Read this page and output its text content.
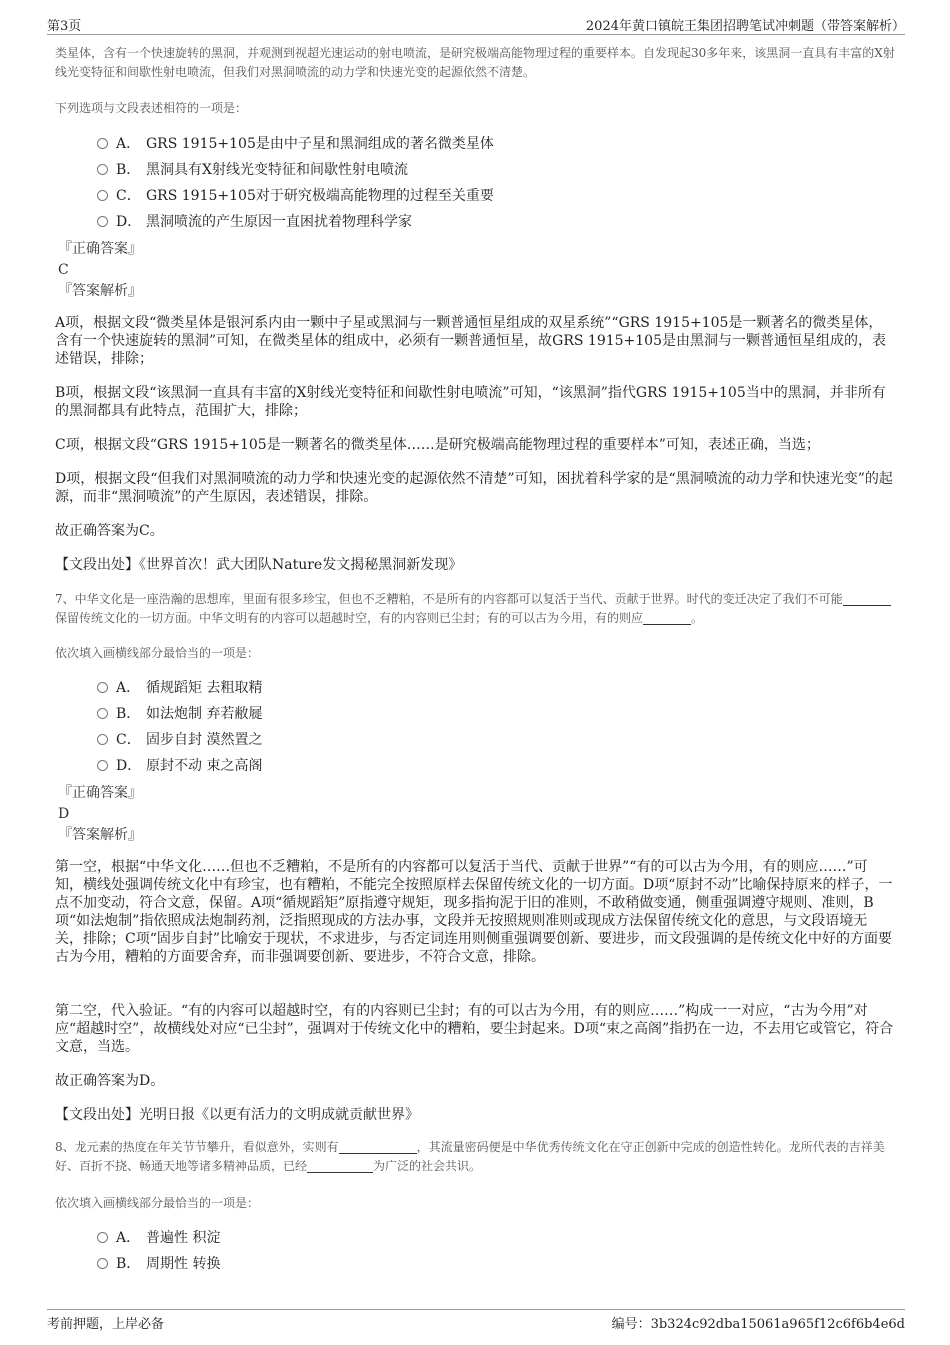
第3页	2024年黄口镇皖王集团招聘笔试冲刺题（带答案解析）
类星体，含有一个快速旋转的黑洞，并观测到视超光速运动的射电喷流，是研究极端高能物理过程的重要样本。自发现起30多年来，该黑洞一直具有丰富的X射线光变特征和间歇性射电喷流，但我们对黑洞喷流的动力学和快速光变的起源依然不清楚。
下列选项与文段表述相符的一项是：
A． GRS 1915+105是由中子星和黑洞组成的著名微类星体
B． 黑洞具有X射线光变特征和间歇性射电喷流
C． GRS 1915+105对于研究极端高能物理的过程至关重要
D． 黑洞喷流的产生原因一直困扰着物理科学家
『正确答案』
C
『答案解析』
A项，根据文段“微类星体是银河系内由一颗中子星或黑洞与一颗普通恒星组成的双星系统”“GRS 1915+105是一颗著名的微类星体，含有一个快速旋转的黑洞”可知，在微类星体的组成中，必须有一颗普通恒星，故GRS 1915+105是由黑洞与一颗普通恒星组成的，表述错误，排除；
B项，根据文段“该黑洞一直具有丰富的X射线光变特征和间歇性射电喷流”可知，“该黑洞”指代GRS 1915+105当中的黑洞，并非所有的黑洞都具有此特点，范围扩大，排除；
C项，根据文段“GRS 1915+105是一颗著名的微类星体……是研究极端高能物理过程的重要样本”可知，表述正确，当选；
D项，根据文段“但我们对黑洞喷流的动力学和快速光变的起源依然不清楚”可知，困扰着科学家的是“黑洞喷流的动力学和快速光变”的起源，而非“黑洞喷流”的产生原因，表述错误，排除。
故正确答案为C。
【文段出处】《世界首次！武大团队Nature发文揭秘黑洞新发现》
7、中华文化是一座浩瀚的思想库，里面有很多珍宝，但也不乏糟粕，不是所有的内容都可以复活于当代、贡献于世界。时代的变迁决定了我们不可能保留传统文化的一切方面。中华文明有的内容可以超越时空，有的内容则已尘封；有的可以古为今用，有的则应	。
依次填入画横线部分最恰当的一项是：
A． 循规蹈矩 去粗取精
B． 如法炮制 弃若敝屣
C． 固步自封 漠然置之
D． 原封不动 束之高阁
『正确答案』
D
『答案解析』
第一空，根据“中华文化……但也不乏糟粕，不是所有的内容都可以复活于当代、贡献于世界”“有的可以古为今用，有的则应……”可知，横线处强调传统文化中有珍宝，也有糟粕，不能完全按照原样去保留传统文化的一切方面。D项“原封不动”比喻保持原来的样子，一点不加变动，符合文意，保留。A项“循规蹈矩”原指遵守规矩，现多指拘泥于旧的准则，不敢稍做变通，侧重强调遵守规则、准则，B项“如法炮制”指依照成法炮制药剂，泛指照现成的方法办事，文段并无按照规则准则或现成方法保留传统文化的意思，与文段语境无关，排除；C项“固步自封”比喻安于现状，不求进步，与否定词连用则侧重强调要创新、要进步，而文段强调的是传统文化中好的方面要古为今用，糟粕的方面要舍弃，而非强调要创新、要进步，不符合文意，排除。
第二空，代入验证。“有的内容可以超越时空，有的内容则已尘封；有的可以古为今用，有的则应……”构成一一对应，“古为今用”对应“超越时空”，故横线处对应“已尘封”，强调对于传统文化中的糟粕，要尘封起来。D项“束之高阁”指扔在一边，不去用它或管它，符合文意，当选。
故正确答案为D。
【文段出处】光明日报《以更有活力的文明成就贡献世界》
8、龙元素的热度在年关节节攀升，看似意外，实则有	，其流量密码便是中华优秀传统文化在守正创新中完成的创造性转化。龙所代表的吉祥美好、百折不挠、畅通天地等诸多精神品质，已经	为广泛的社会共识。
依次填入画横线部分最恰当的一项是：
A． 普遍性 积淀
B． 周期性 转换
考前押题，上岸必备	编号：3b324c92dba15061a965f12c6f6b4e6d
